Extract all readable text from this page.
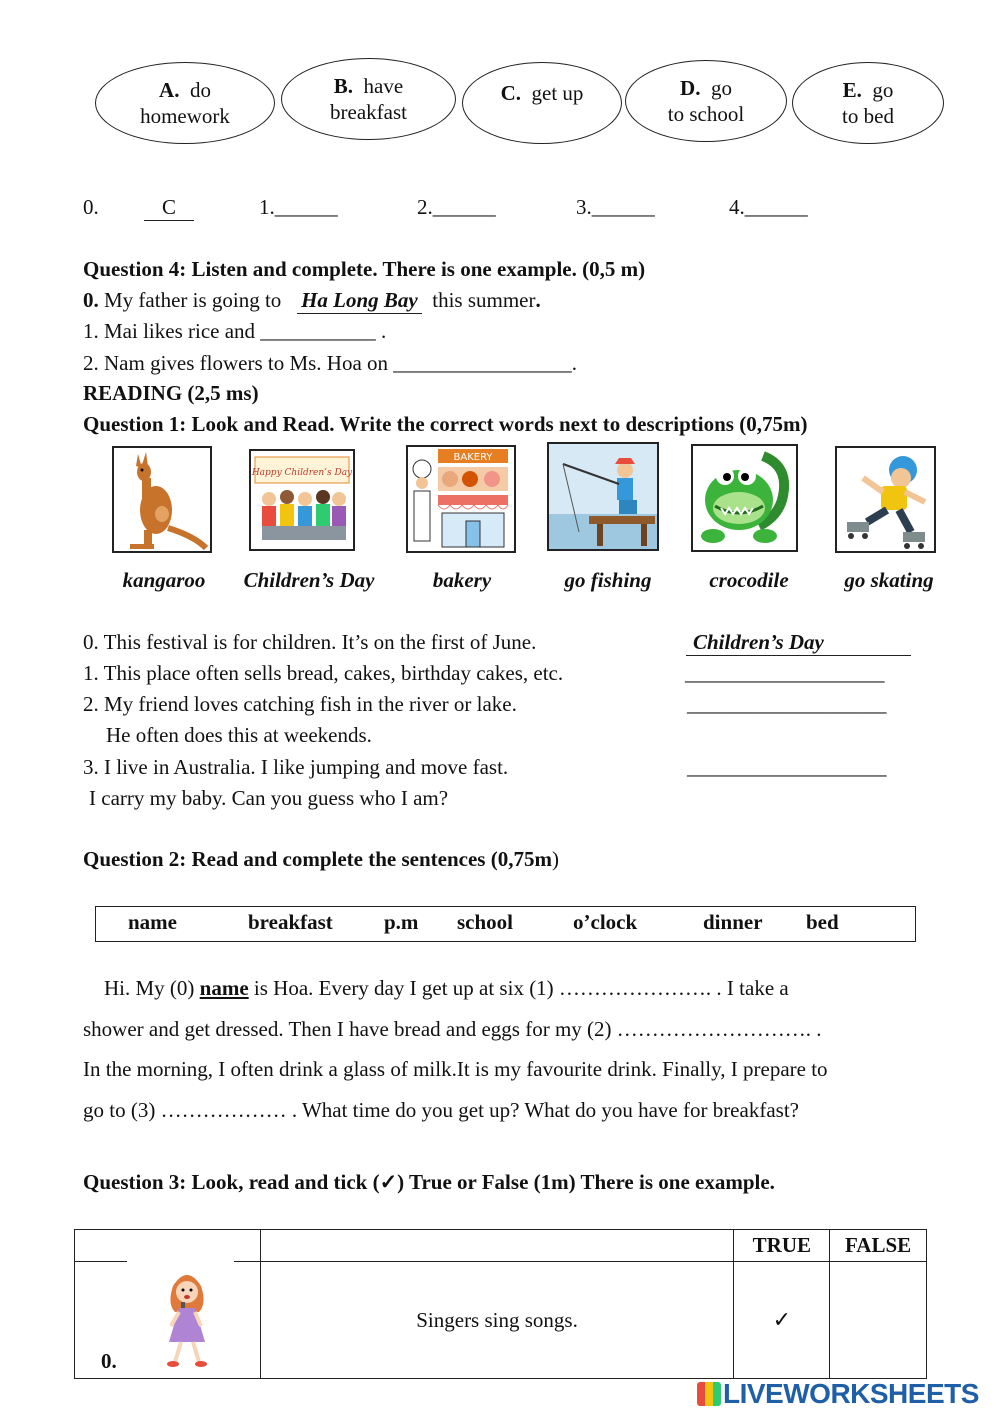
A. do
homework
B. have
breakfast
C. get up	D. go
to school
E. go
to bed
0.	C	1.______	2.______	3.______	4.______
Question 4: Listen and complete. There is one example. (0,5 m)
0. My father is going to Ha Long Bay this summer.
1. Mai likes rice and ___________ .
2. Nam gives flowers to Ms. Hoa on _________________.
READING (2,5 ms)
Question 1: Look and Read. Write the correct words next to descriptions (0,75m)
Happy Children’s Day
BAKERY
kangaroo	Children’s Day	bakery	go fishing	crocodile	go skating
0. This festival is for children. It’s on the first of June.	Children’s Day
1. This place often sells bread, cakes, birthday cakes, etc.	___________________
2. My friend loves catching fish in the river or lake.	___________________
He often does this at weekends.
3. I live in Australia. I like jumping and move fast.	___________________
I carry my baby. Can you guess who I am?
Question 2: Read and complete the sentences (0,75m)
name	breakfast p.m school	o’clock	dinner bed
Hi. My (0) name is Hoa. Every day I get up at six (1) …………………. . I take a
shower and get dressed. Then I have bread and eggs for my (2) ………………………. .
In the morning, I often drink a glass of milk.It is my favourite drink. Finally, I prepare to
go to (3) ……………… . What time do you get up? What do you have for breakfast?
Question 3: Look, read and tick (✓) True or False (1m) There is one example.
		TRUE	FALSE

0.	Singers sing songs.	✓	
LIVEWORKSHEETS
